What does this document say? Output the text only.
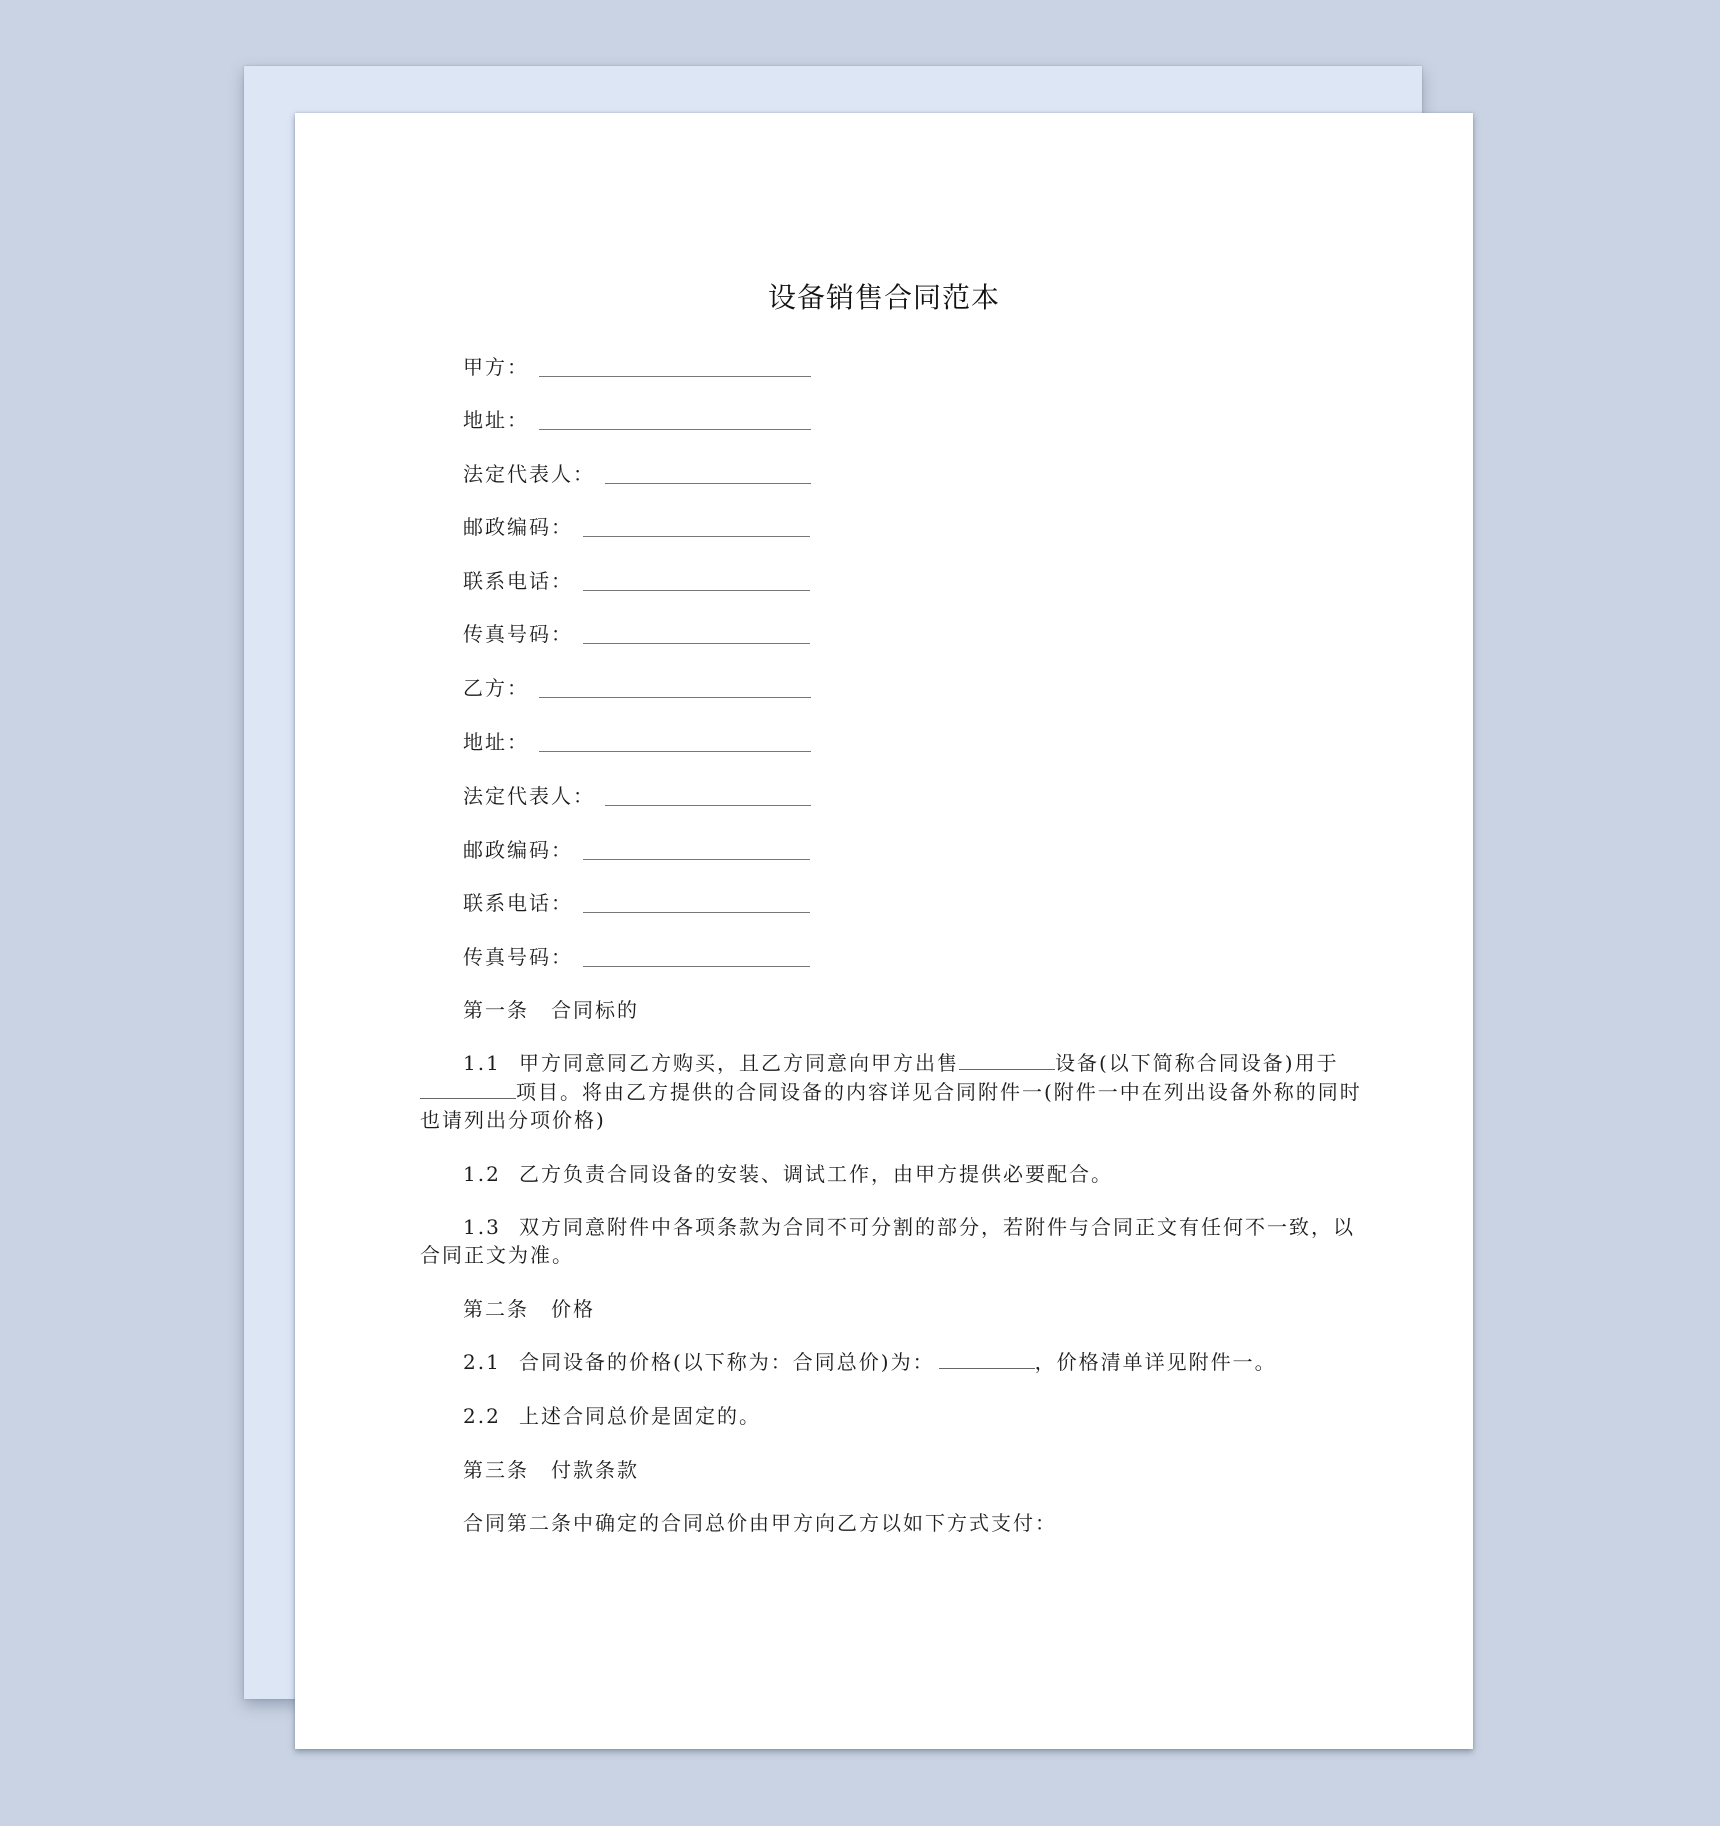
设备销售合同范本
甲方：
地址：
法定代表人：
邮政编码：
联系电话：
传真号码：
乙方：
地址：
法定代表人：
邮政编码：
联系电话：
传真号码：
第一条　合同标的
1.1 甲方同意同乙方购买，且乙方同意向甲方出售	设备(以下简称合同设备)用于
项目。将由乙方提供的合同设备的内容详见合同附件一(附件一中在列出设备外称的同时
也请列出分项价格)
1.2 乙方负责合同设备的安装、调试工作，由甲方提供必要配合。
1.3 双方同意附件中各项条款为合同不可分割的部分，若附件与合同正文有任何不一致，以
合同正文为准。
第二条　价格
2.1 合同设备的价格(以下称为：合同总价)为：	，价格清单详见附件一。
2.2 上述合同总价是固定的。
第三条　付款条款
合同第二条中确定的合同总价由甲方向乙方以如下方式支付：
